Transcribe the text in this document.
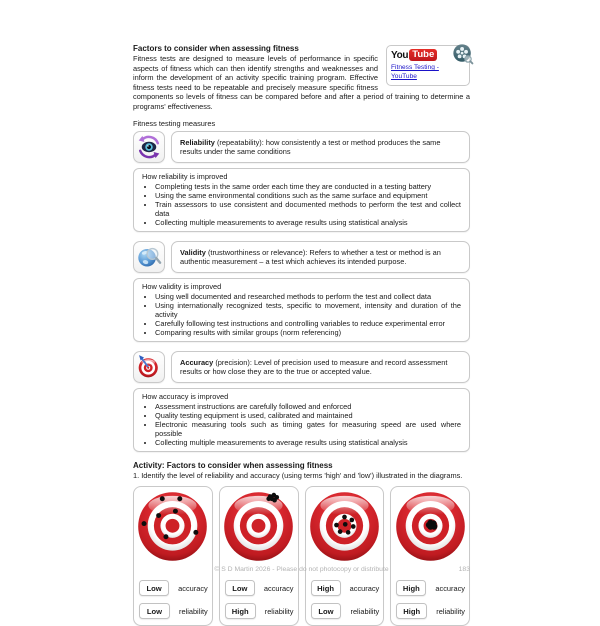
You Tube
Fitness Testing -
YouTube
Factors to consider when assessing fitness

Fitness tests are designed to measure levels of performance in specific aspects of fitness which can then identify strengths and weaknesses and inform the development of an activity specific training program. Effective fitness tests need to be repeatable and precisely measure specific fitness components so levels of fitness can be compared before and after a period of training to determine a programs' effectiveness.

Fitness testing measures
Reliability (repeatability): how consistently a test or method produces the same results under the same conditions
How reliability is improved
• Completing tests in the same order each time they are conducted in a testing battery
• Using the same environmental conditions such as the same surface and equipment
• Train assessors to use consistent and documented methods to perform the test and collect data
• Collecting multiple measurements to average results using statistical analysis
Validity (trustworthiness or relevance): Refers to whether a test or method is an authentic measurement – a test which achieves its intended purpose.
How validity is improved
• Using well documented and researched methods to perform the test and collect data
• Using internationally recognized tests, specific to movement, intensity and duration of the activity
• Carefully following test instructions and controlling variables to reduce experimental error
• Comparing results with similar groups (norm referencing)
Accuracy (precision): Level of precision used to measure and record assessment results or how close they are to the true or accepted value.
How accuracy is improved
• Assessment instructions are carefully followed and enforced
• Quality testing equipment is used, calibrated and maintained
• Electronic measuring tools such as timing gates for measuring speed are used where possible
• Collecting multiple measurements to average results using statistical analysis
Activity: Factors to consider when assessing fitness
1. Identify the level of reliability and accuracy (using terms 'high' and 'low') illustrated in the diagrams.
Low	accuracy
Low	reliability
Low	accuracy
High	reliability
High	accuracy
Low	reliability
High	accuracy
High	reliability
© S D Martin 2026 - Please do not photocopy or distribute	183
